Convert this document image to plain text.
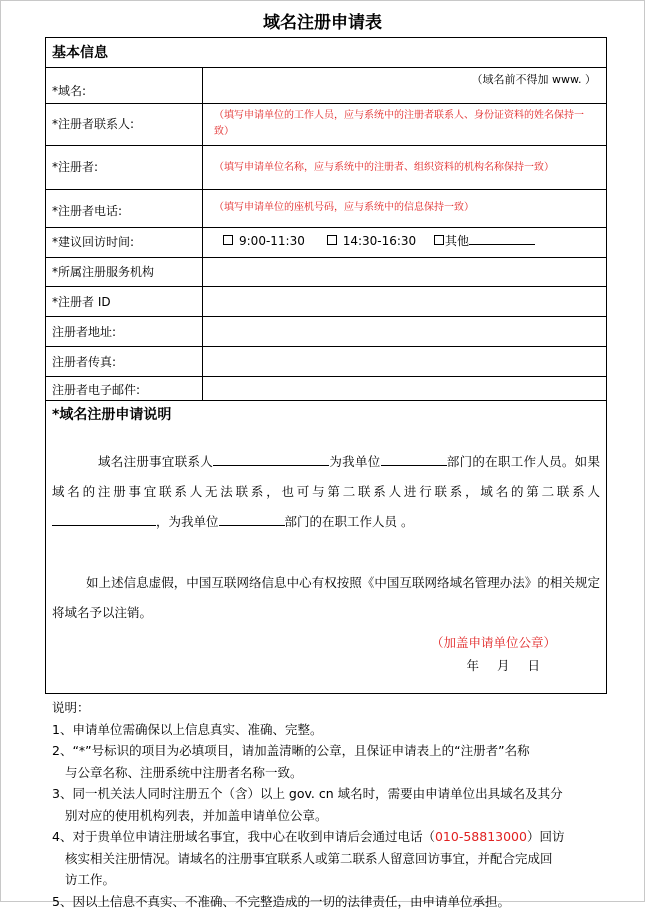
域名注册申请表
基本信息
*域名:
（域名前不得加 www. ）
*注册者联系人:
（填写申请单位的工作人员，应与系统中的注册者联系人、身份证资料的姓名保持一致）
*注册者:	（填写申请单位名称，应与系统中的注册者、组织资料的机构名称保持一致）
*注册者电话:	（填写申请单位的座机号码，应与系统中的信息保持一致）
*建议回访时间:	9:00-11:30	14:30-16:30 其他
*所属注册服务机构
*注册者 ID
注册者地址:
注册者传真:
注册者电子邮件:
*域名注册申请说明
域名注册事宜联系人	为我单位	部门的在职工作人员。如果域名的注册事宜联系人无法联系，也可与第二联系人进行联系，域名的第二联系人，为我单位	部门的在职工作人员 。
如上述信息虚假，中国互联网络信息中心有权按照《中国互联网络域名管理办法》的相关规定将域名予以注销。
（加盖申请单位公章）
年 月 日
说明：
1、申请单位需确保以上信息真实、准确、完整。
2、“*”号标识的项目为必填项目，请加盖清晰的公章，且保证申请表上的“注册者”名称
与公章名称、注册系统中注册者名称一致。
3、同一机关法人同时注册五个（含）以上 gov. cn 域名时，需要由申请单位出具域名及其分
别对应的使用机构列表，并加盖申请单位公章。
4、对于贵单位申请注册域名事宜，我中心在收到申请后会通过电话（010-58813000）回访
核实相关注册情况。请域名的注册事宜联系人或第二联系人留意回访事宜，并配合完成回
访工作。
5、因以上信息不真实、不准确、不完整造成的一切的法律责任，由申请单位承担。
